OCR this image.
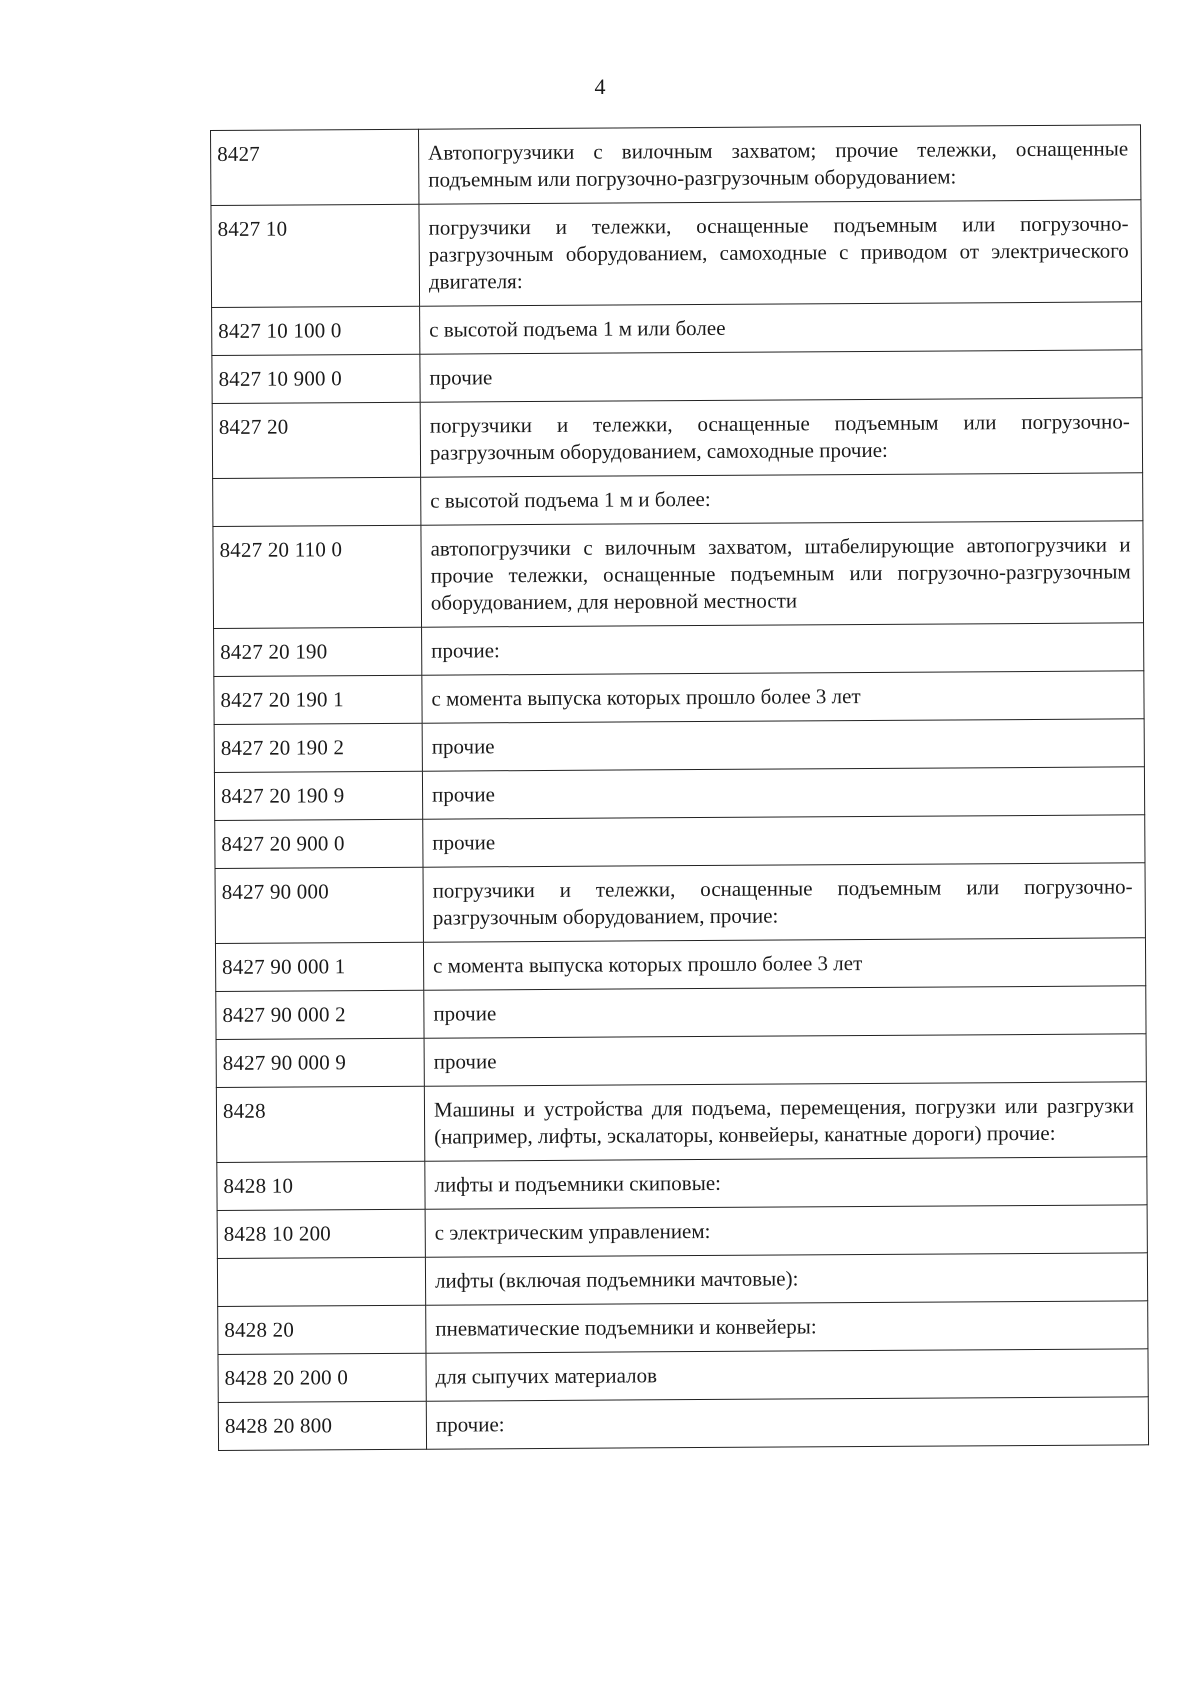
4
8427	Автопогрузчики с вилочным захватом; прочие тележки, оснащенные подъемным или погрузочно-разгрузочным оборудованием:
8427 10	погрузчики и тележки, оснащенные подъемным или погрузочно-разгрузочным оборудованием, самоходные с приводом от электрического двигателя:
8427 10 100 0	с высотой подъема 1 м или более
8427 10 900 0	прочие
8427 20	погрузчики и тележки, оснащенные подъемным или погрузочно-разгрузочным оборудованием, самоходные прочие:
	с высотой подъема 1 м и более:
8427 20 110 0	автопогрузчики с вилочным захватом, штабелирующие автопогрузчики и прочие тележки, оснащенные подъемным или погрузочно-разгрузочным оборудованием, для неровной местности
8427 20 190	прочие:
8427 20 190 1	с момента выпуска которых прошло более 3 лет
8427 20 190 2	прочие
8427 20 190 9	прочие
8427 20 900 0	прочие
8427 90 000	погрузчики и тележки, оснащенные подъемным или погрузочно-разгрузочным оборудованием, прочие:
8427 90 000 1	с момента выпуска которых прошло более 3 лет
8427 90 000 2	прочие
8427 90 000 9	прочие
8428	Машины и устройства для подъема, перемещения, погрузки или разгрузки (например, лифты, эскалаторы, конвейеры, канатные дороги) прочие:
8428 10	лифты и подъемники скиповые:
8428 10 200	с электрическим управлением:
	лифты (включая подъемники мачтовые):
8428 20	пневматические подъемники и конвейеры:
8428 20 200 0	для сыпучих материалов
8428 20 800	прочие:
